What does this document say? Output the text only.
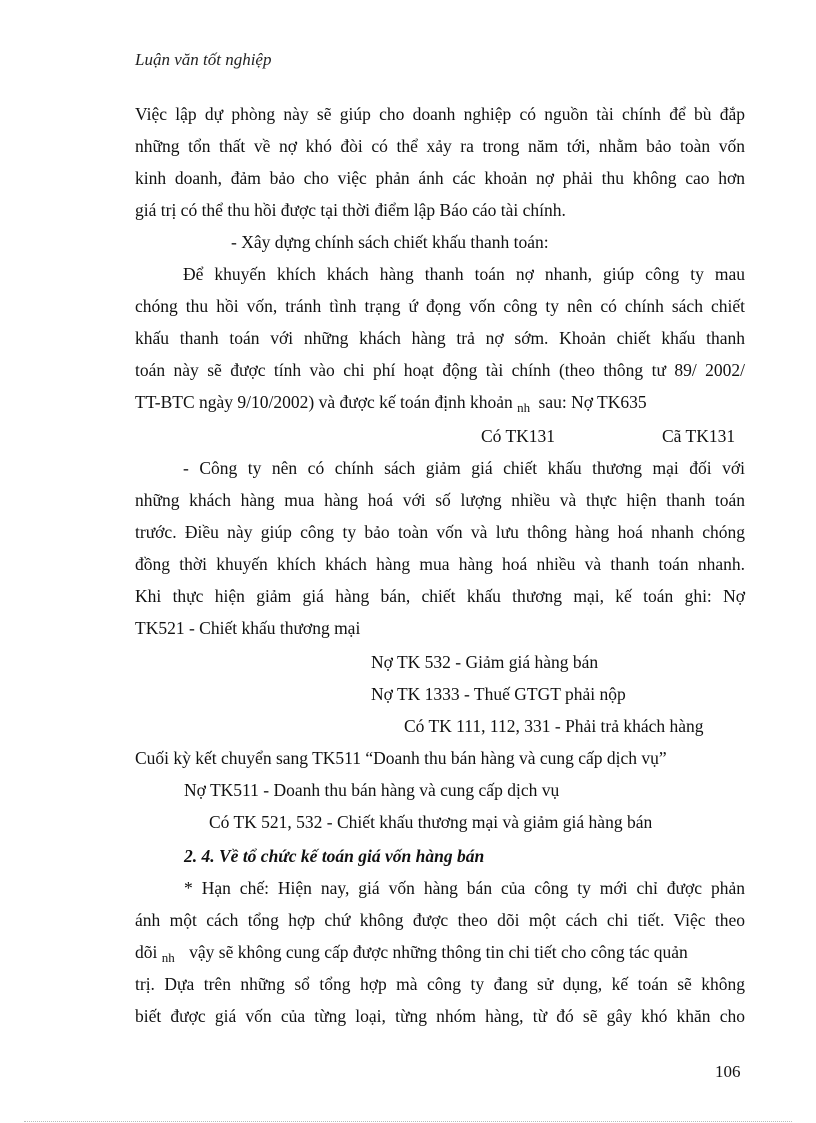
Luận văn tốt nghiệp
Việc lập dự phòng này sẽ giúp cho doanh nghiệp có nguồn tài chính để bù đắp
những tổn thất về nợ khó đòi có thể xảy ra trong năm tới, nhằm bảo toàn vốn
kinh doanh, đảm bảo cho việc phản ánh các khoản nợ phải thu không cao hơn
giá trị có thể thu hồi được tại thời điểm lập Báo cáo tài chính.
- Xây dựng chính sách chiết khấu thanh toán:
Để khuyến khích khách hàng thanh toán nợ nhanh, giúp công ty mau
chóng thu hồi vốn, tránh tình trạng ứ đọng vốn công ty nên có chính sách chiết
khấu thanh toán với những khách hàng trả nợ sớm. Khoản chiết khấu thanh
toán này sẽ được tính vào chi phí hoạt động tài chính (theo thông tư 89/ 2002/
TT-BTC ngày 9/10/2002) và được kế toán định khoản $_{nh}$ sau: Nợ TK635
Có TK131	Cã TK131
- Công ty nên có chính sách giảm giá chiết khấu thương mại đối với
những khách hàng mua hàng hoá với số lượng nhiều và thực hiện thanh toán
trước. Điều này giúp công ty bảo toàn vốn và lưu thông hàng hoá nhanh chóng
đồng thời khuyến khích khách hàng mua hàng hoá nhiều và thanh toán nhanh.
Khi thực hiện giảm giá hàng bán, chiết khấu thương mại, kế toán ghi: Nợ
TK521 - Chiết khấu thương mại
Nợ TK 532 - Giảm giá hàng bán
Nợ TK 1333 - Thuế GTGT phải nộp
Có TK 111, 112, 331 - Phải trả khách hàng
Cuối kỳ kết chuyển sang TK511 “Doanh thu bán hàng và cung cấp dịch vụ”
Nợ TK511 - Doanh thu bán hàng và cung cấp dịch vụ
Có TK 521, 532 - Chiết khấu thương mại và giảm giá hàng bán
2. 4. Về tổ chức kế toán giá vốn hàng bán
* Hạn chế: Hiện nay, giá vốn hàng bán của công ty mới chỉ được phản
ánh một cách tổng hợp chứ không được theo dõi một cách chi tiết. Việc theo
dõi $_{nh}$ vậy sẽ không cung cấp được những thông tin chi tiết cho công tác quản
trị. Dựa trên những sổ tổng hợp mà công ty đang sử dụng, kế toán sẽ không
biết được giá vốn của từng loại, từng nhóm hàng, từ đó sẽ gây khó khăn cho
106
